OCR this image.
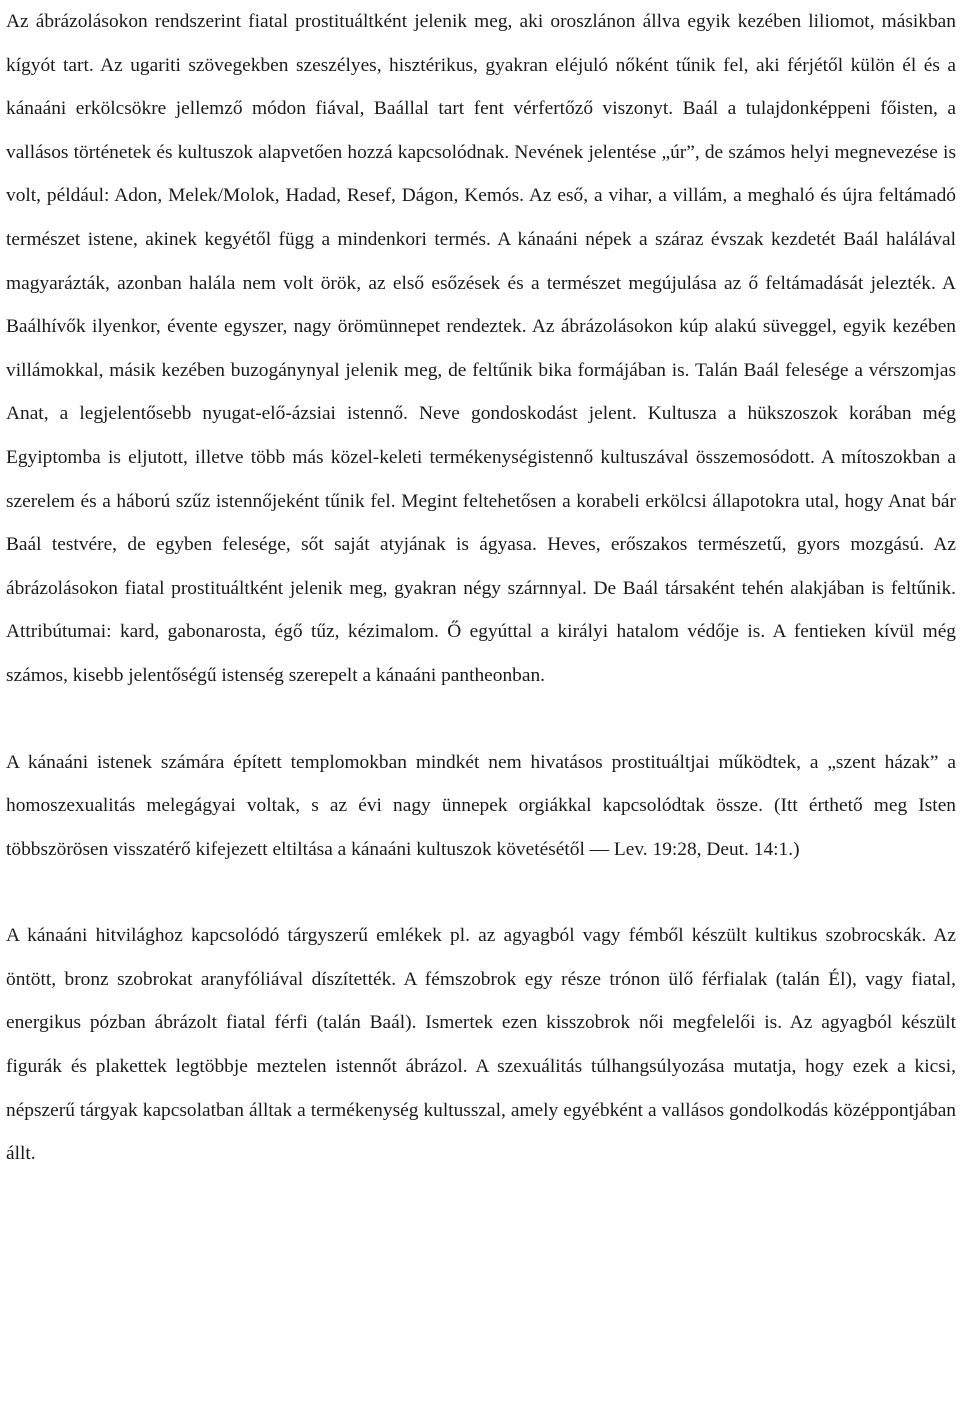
Az ábrázolásokon rendszerint fiatal prostituáltként jelenik meg, aki oroszlánon állva egyik kezében liliomot, másikban kígyót tart. Az ugariti szövegekben szeszélyes, hisztérikus, gyakran eléjuló nőként tűnik fel, aki férjétől külön él és a kánaáni erkölcsökre jellemző módon fiával, Baállal tart fent vérfertőző viszonyt. Baál a tulajdonképpeni főisten, a vallásos történetek és kultuszok alapvetően hozzá kapcsolódnak. Nevének jelentése „úr”, de számos helyi megnevezése is volt, például: Adon, Melek/Molok, Hadad, Resef, Dágon, Kemós. Az eső, a vihar, a villám, a meghaló és újra feltámadó természet istene, akinek kegyétől függ a mindenkori termés. A kánaáni népek a száraz évszak kezdetét Baál halálával magyarázták, azonban halála nem volt örök, az első esőzések és a természet megújulása az ő feltámadását jelezték. A Baálhívők ilyenkor, évente egyszer, nagy örömünnepet rendeztek. Az ábrázolásokon kúp alakú süveggel, egyik kezében villámokkal, másik kezében buzogánynyal jelenik meg, de feltűnik bika formájában is. Talán Baál felesége a vérszomjas Anat, a legjelentősebb nyugat-elő-ázsiai istennő. Neve gondoskodást jelent. Kultusza a hükszoszok korában még Egyiptomba is eljutott, illetve több más közel-keleti termékenységistennő kultuszával összemosódott. A mítoszokban a szerelem és a háború szűz istennőjeként tűnik fel. Megint feltehetősen a korabeli erkölcsi állapotokra utal, hogy Anat bár Baál testvére, de egyben felesége, sőt saját atyjának is ágyasa. Heves, erőszakos természetű, gyors mozgású. Az ábrázolásokon fiatal prostituáltként jelenik meg, gyakran négy szárnnyal. De Baál társaként tehén alakjában is feltűnik. Attribútumai: kard, gabonarosta, égő tűz, kézimalom. Ő egyúttal a királyi hatalom védője is. A fentieken kívül még számos, kisebb jelentőségű istenség szerepelt a kánaáni pantheonban.

A kánaáni istenek számára épített templomokban mindkét nem hivatásos prostituáltjai működtek, a „szent házak” a homoszexualitás melegágyai voltak, s az évi nagy ünnepek orgiákkal kapcsolódtak össze. (Itt érthető meg Isten többszörösen visszatérő kifejezett eltiltása a kánaáni kultuszok követésétől — Lev. 19:28, Deut. 14:1.)

A kánaáni hitvilághoz kapcsolódó tárgyszerű emlékek pl. az agyagból vagy fémből készült kultikus szobrocskák. Az öntött, bronz szobrokat aranyfóliával díszítették. A fémszobrok egy része trónon ülő férfialak (talán Él), vagy fiatal, energikus pózban ábrázolt fiatal férfi (talán Baál). Ismertek ezen kisszobrok női megfelelői is. Az agyagból készült figurák és plakettek legtöbbje meztelen istennőt ábrázol. A szexuálitás túlhangsúlyozása mutatja, hogy ezek a kicsi, népszerű tárgyak kapcsolatban álltak a termékenység kultusszal, amely egyébként a vallásos gondolkodás középpontjában állt.
